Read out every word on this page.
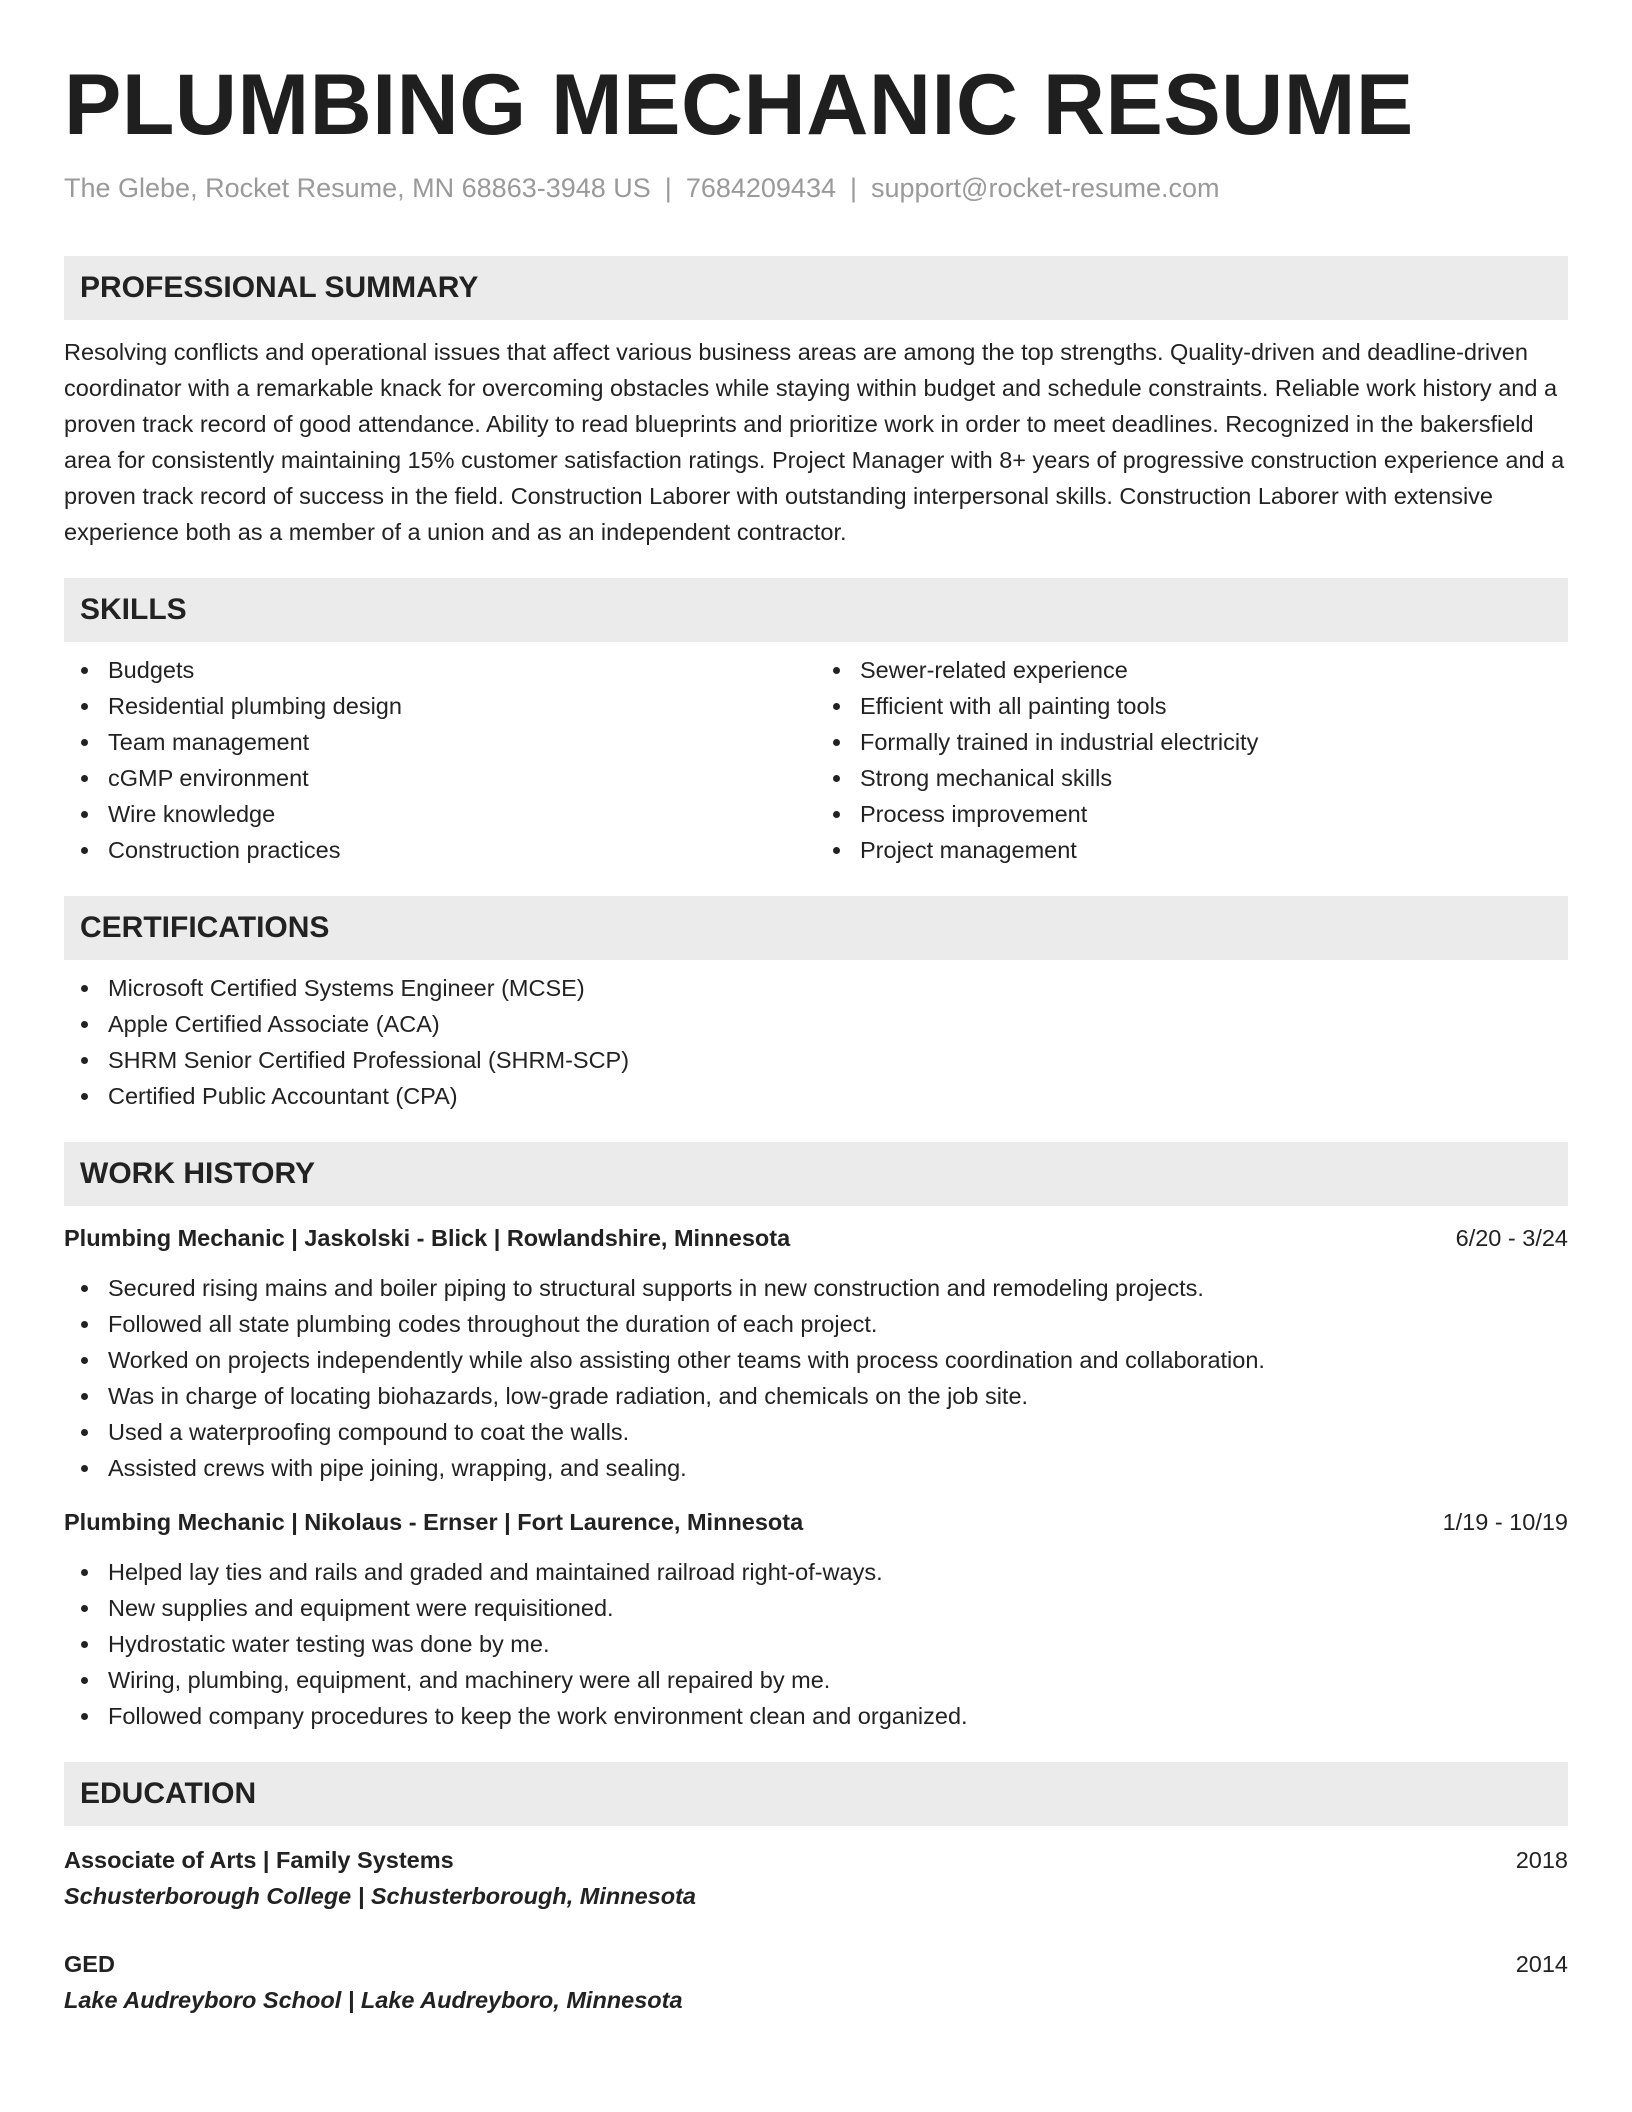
PLUMBING MECHANIC RESUME
The Glebe, Rocket Resume, MN 68863-3948 US | 7684209434 | support@rocket-resume.com
PROFESSIONAL SUMMARY

Resolving conflicts and operational issues that affect various business areas are among the top strengths. Quality-driven and deadline-driven coordinator with a remarkable knack for overcoming obstacles while staying within budget and schedule constraints. Reliable work history and a proven track record of good attendance. Ability to read blueprints and prioritize work in order to meet deadlines. Recognized in the bakersfield area for consistently maintaining 15% customer satisfaction ratings. Project Manager with 8+ years of progressive construction experience and a proven track record of success in the field. Construction Laborer with outstanding interpersonal skills. Construction Laborer with extensive experience both as a member of a union and as an independent contractor.

SKILLS
Budgets
Residential plumbing design
Team management
cGMP environment
Wire knowledge
Construction practices
Sewer-related experience
Efficient with all painting tools
Formally trained in industrial electricity
Strong mechanical skills
Process improvement
Project management
CERTIFICATIONS
Microsoft Certified Systems Engineer (MCSE)
Apple Certified Associate (ACA)
SHRM Senior Certified Professional (SHRM-SCP)
Certified Public Accountant (CPA)
WORK HISTORY
Plumbing Mechanic | Jaskolski - Blick | Rowlandshire, Minnesota	6/20 - 3/24
Secured rising mains and boiler piping to structural supports in new construction and remodeling projects.
Followed all state plumbing codes throughout the duration of each project.
Worked on projects independently while also assisting other teams with process coordination and collaboration.
Was in charge of locating biohazards, low-grade radiation, and chemicals on the job site.
Used a waterproofing compound to coat the walls.
Assisted crews with pipe joining, wrapping, and sealing.
Plumbing Mechanic | Nikolaus - Ernser | Fort Laurence, Minnesota	1/19 - 10/19
Helped lay ties and rails and graded and maintained railroad right-of-ways.
New supplies and equipment were requisitioned.
Hydrostatic water testing was done by me.
Wiring, plumbing, equipment, and machinery were all repaired by me.
Followed company procedures to keep the work environment clean and organized.
EDUCATION
Associate of Arts | Family Systems	2018
Schusterborough College | Schusterborough, Minnesota
GED	2014
Lake Audreyboro School | Lake Audreyboro, Minnesota
